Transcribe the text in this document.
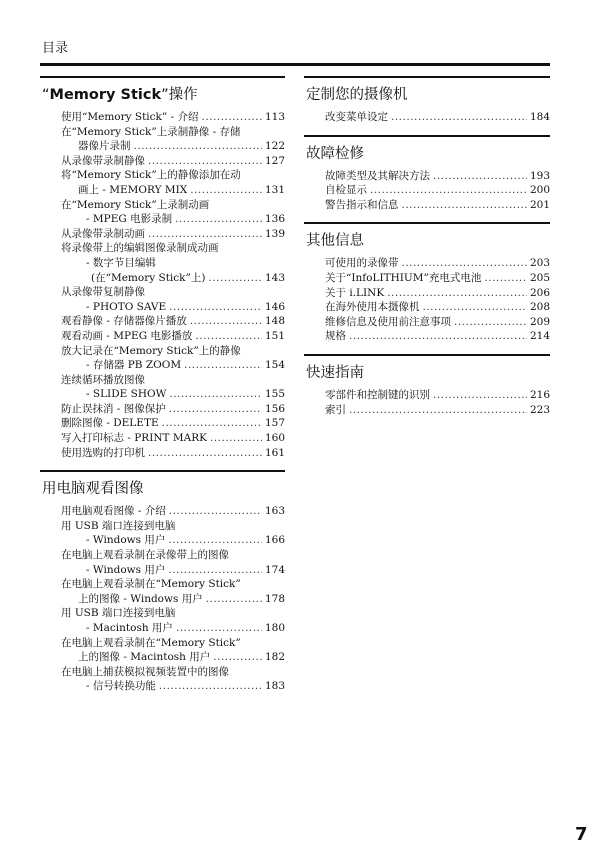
目录
“Memory Stick”操作
使用“Memory Stick” - 介绍 .....	113
在“Memory Stick”上录制静像 - 存储
器像片录制 .....	122
从录像带录制静像 .....	127
将“Memory Stick”上的静像添加在动
画上 - MEMORY MIX .....	131
在“Memory Stick”上录制动画
- MPEG 电影录制 .....	136
从录像带录制动画 .....	139
将录像带上的编辑图像录制成动画
- 数字节目编辑
(在“Memory Stick”上) .....	143
从录像带复制静像
- PHOTO SAVE .....	146
观看静像 - 存储器像片播放 .....	148
观看动画 - MPEG 电影播放 .....	151
放大记录在“Memory Stick”上的静像
- 存储器 PB ZOOM .....	154
连续循环播放图像
- SLIDE SHOW .....	155
防止误抹消 - 图像保护 .....	156
删除图像 - DELETE .....	157
写入打印标志 - PRINT MARK .....	160
使用选购的打印机 .....	161
用电脑观看图像
用电脑观看图像 - 介绍 .....	163
用 USB 端口连接到电脑
- Windows 用户 .....	166
在电脑上观看录制在录像带上的图像
- Windows 用户 .....	174
在电脑上观看录制在“Memory Stick”
上的图像 - Windows 用户 .....	178
用 USB 端口连接到电脑
- Macintosh 用户 .....	180
在电脑上观看录制在“Memory Stick”
上的图像 - Macintosh 用户 .....	182
在电脑上捕获模拟视频装置中的图像
- 信号转换功能 .....	183
定制您的摄像机
改变菜单设定 .....	184
故障检修
故障类型及其解决方法 .....	193
自检显示 .....	200
警告指示和信息 .....	201
其他信息
可使用的录像带 .....	203
关于“InfoLITHIUM”充电式电池 .....	205
关于 i.LINK .....	206
在海外使用本摄像机 .....	208
维修信息及使用前注意事项 .....	209
规格 .....	214
快速指南
零部件和控制键的识别 .....	216
索引 .....	223
7
